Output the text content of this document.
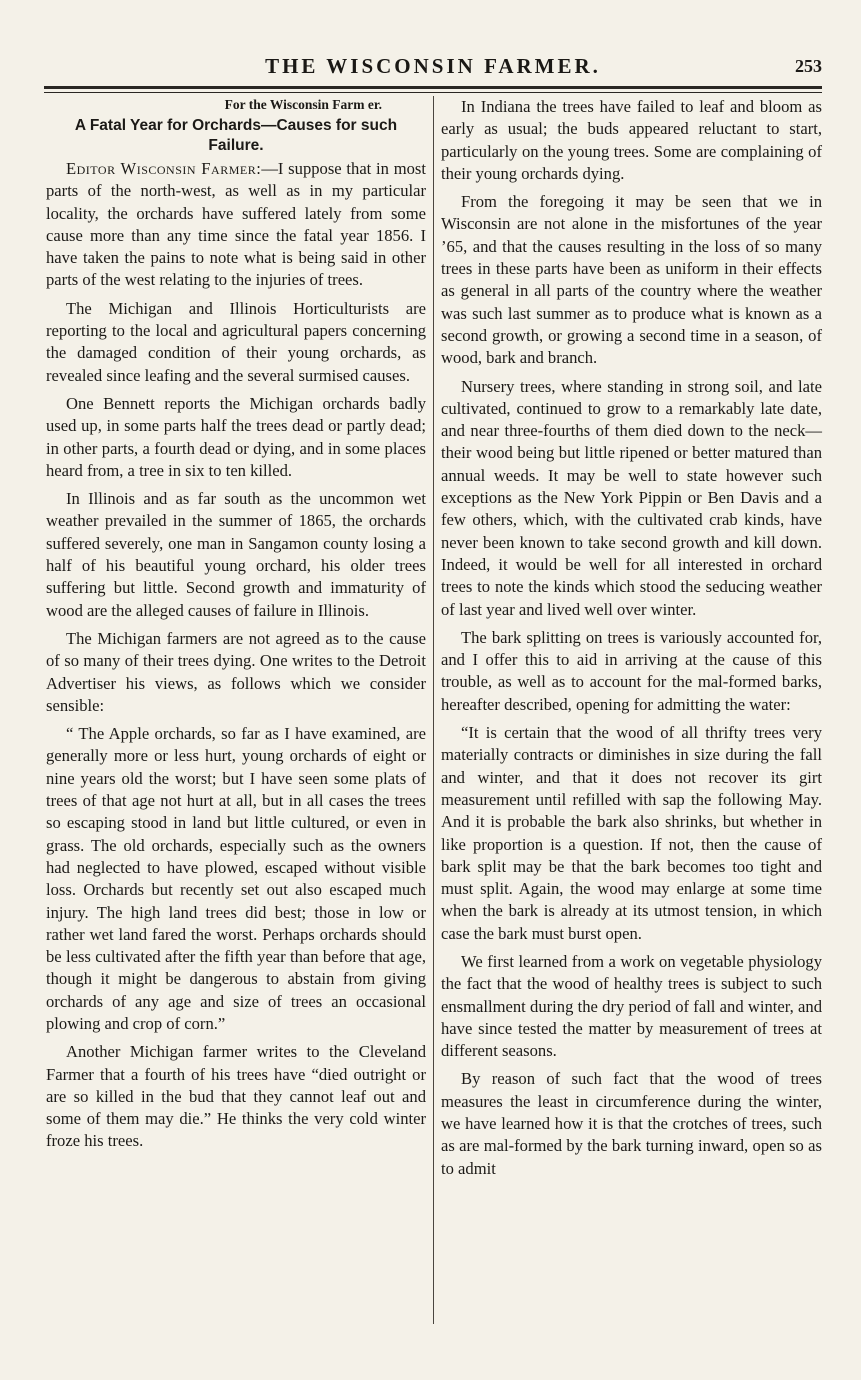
THE WISCONSIN FARMER.	253
For the Wisconsin Farm er.
A Fatal Year for Orchards—Causes for such Failure.

Editor Wisconsin Farmer:—I suppose that in most parts of the north-west, as well as in my particular locality, the orchards have suffered lately from some cause more than any time since the fatal year 1856. I have taken the pains to note what is being said in other parts of the west relating to the injuries of trees.

The Michigan and Illinois Horticulturists are reporting to the local and agricultural papers concerning the damaged condition of their young orchards, as revealed since leafing and the several surmised causes.

One Bennett reports the Michigan orchards badly used up, in some parts half the trees dead or partly dead; in other parts, a fourth dead or dying, and in some places heard from, a tree in six to ten killed.

In Illinois and as far south as the uncommon wet weather prevailed in the summer of 1865, the orchards suffered severely, one man in Sangamon county losing a half of his beautiful young orchard, his older trees suffering but little. Second growth and immaturity of wood are the alleged causes of failure in Illinois.

The Michigan farmers are not agreed as to the cause of so many of their trees dying. One writes to the Detroit Advertiser his views, as follows which we consider sensible:

“ The Apple orchards, so far as I have examined, are generally more or less hurt, young orchards of eight or nine years old the worst; but I have seen some plats of trees of that age not hurt at all, but in all cases the trees so escaping stood in land but little cultured, or even in grass. The old orchards, especially such as the owners had neglected to have plowed, escaped without visible loss. Orchards but recently set out also escaped much injury. The high land trees did best; those in low or rather wet land fared the worst. Perhaps orchards should be less cultivated after the fifth year than before that age, though it might be dangerous to abstain from giving orchards of any age and size of trees an occasional plowing and crop of corn.”

Another Michigan farmer writes to the Cleveland Farmer that a fourth of his trees have “died outright or are so killed in the bud that they cannot leaf out and some of them may die.” He thinks the very cold winter froze his trees.

In Indiana the trees have failed to leaf and bloom as early as usual; the buds appeared reluctant to start, particularly on the young trees. Some are complaining of their young orchards dying.

From the foregoing it may be seen that we in Wisconsin are not alone in the misfortunes of the year ’65, and that the causes resulting in the loss of so many trees in these parts have been as uniform in their effects as general in all parts of the country where the weather was such last summer as to produce what is known as a second growth, or growing a second time in a season, of wood, bark and branch.

Nursery trees, where standing in strong soil, and late cultivated, continued to grow to a remarkably late date, and near three-fourths of them died down to the neck—their wood being but little ripened or better matured than annual weeds. It may be well to state however such exceptions as the New York Pippin or Ben Davis and a few others, which, with the cultivated crab kinds, have never been known to take second growth and kill down. Indeed, it would be well for all interested in orchard trees to note the kinds which stood the seducing weather of last year and lived well over winter.

The bark splitting on trees is variously accounted for, and I offer this to aid in arriving at the cause of this trouble, as well as to account for the mal-formed barks, hereafter described, opening for admitting the water:

“It is certain that the wood of all thrifty trees very materially contracts or diminishes in size during the fall and winter, and that it does not recover its girt measurement until refilled with sap the following May. And it is probable the bark also shrinks, but whether in like proportion is a question. If not, then the cause of bark split may be that the bark becomes too tight and must split. Again, the wood may enlarge at some time when the bark is already at its utmost tension, in which case the bark must burst open.

We first learned from a work on vegetable physiology the fact that the wood of healthy trees is subject to such ensmallment during the dry period of fall and winter, and have since tested the matter by measurement of trees at different seasons.

By reason of such fact that the wood of trees measures the least in circumference during the winter, we have learned how it is that the crotches of trees, such as are mal-formed by the bark turning inward, open so as to admit
